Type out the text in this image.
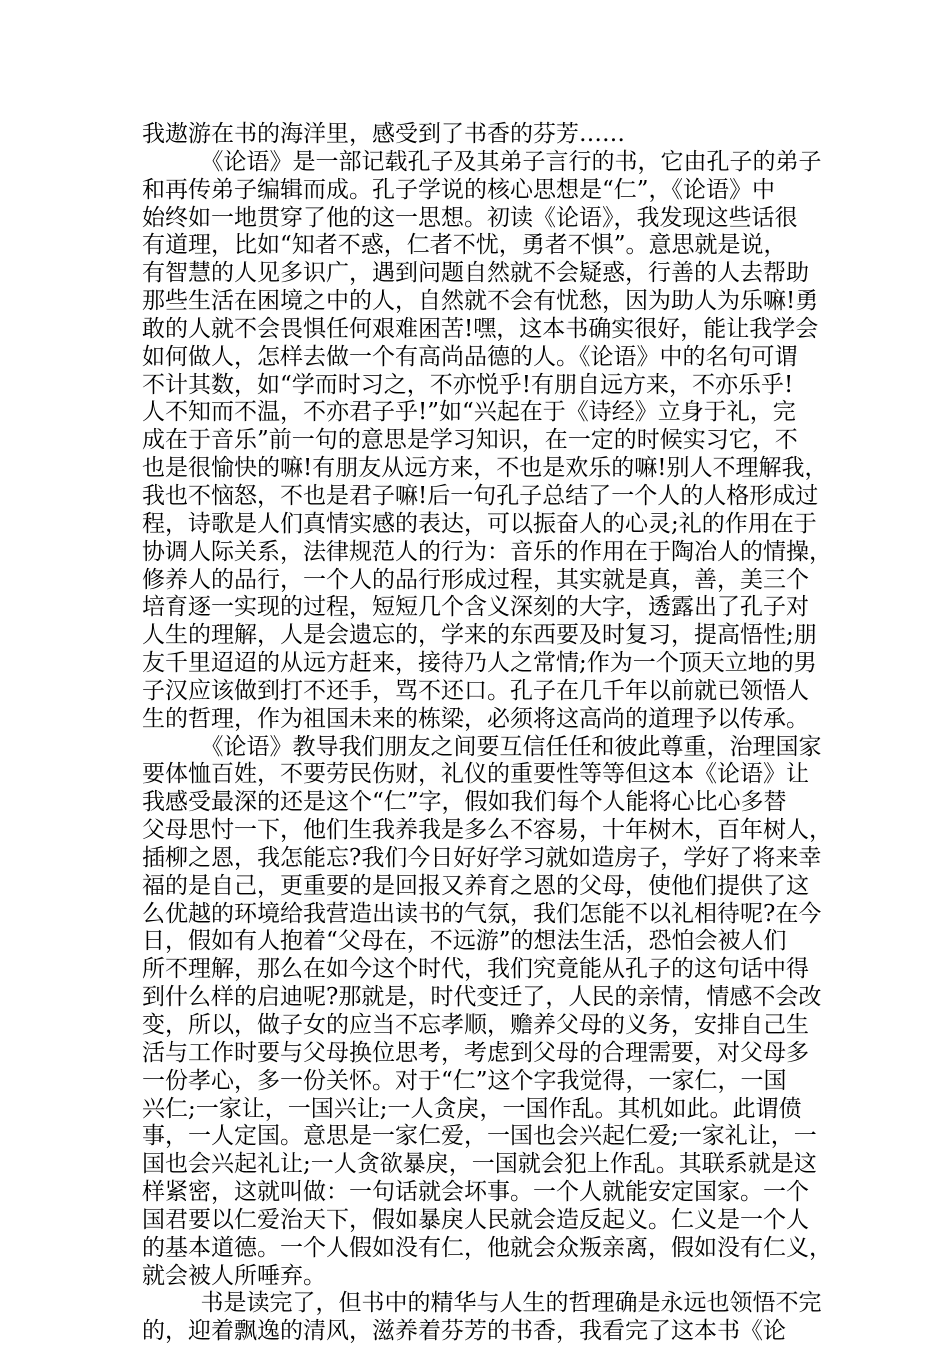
我遨游在书的海洋里，感受到了书香的芬芳……
《论语》是一部记载孔子及其弟子言行的书，它由孔子的弟子
和再传弟子编辑而成。孔子学说的核心思想是“仁”，《论语》中
始终如一地贯穿了他的这一思想。初读《论语》，我发现这些话很
有道理，比如“知者不惑，仁者不忧，勇者不惧”。意思就是说，
有智慧的人见多识广，遇到问题自然就不会疑惑，行善的人去帮助
那些生活在困境之中的人，自然就不会有忧愁，因为助人为乐嘛!勇
敢的人就不会畏惧任何艰难困苦!嘿，这本书确实很好，能让我学会
如何做人，怎样去做一个有高尚品德的人。《论语》中的名句可谓
不计其数，如“学而时习之，不亦悦乎!有朋自远方来，不亦乐乎!
人不知而不温，不亦君子乎!”如“兴起在于《诗经》立身于礼，完
成在于音乐”前一句的意思是学习知识，在一定的时候实习它，不
也是很愉快的嘛!有朋友从远方来，不也是欢乐的嘛!别人不理解我，
我也不恼怒，不也是君子嘛!后一句孔子总结了一个人的人格形成过
程，诗歌是人们真情实感的表达，可以振奋人的心灵;礼的作用在于
协调人际关系，法律规范人的行为：音乐的作用在于陶冶人的情操，
修养人的品行，一个人的品行形成过程，其实就是真，善，美三个
培育逐一实现的过程，短短几个含义深刻的大字，透露出了孔子对
人生的理解，人是会遗忘的，学来的东西要及时复习，提高悟性;朋
友千里迢迢的从远方赶来，接待乃人之常情;作为一个顶天立地的男
子汉应该做到打不还手，骂不还口。孔子在几千年以前就已领悟人
生的哲理，作为祖国未来的栋梁，必须将这高尚的道理予以传承。
《论语》教导我们朋友之间要互信任任和彼此尊重，治理国家
要体恤百姓，不要劳民伤财，礼仪的重要性等等但这本《论语》让
我感受最深的还是这个“仁”字，假如我们每个人能将心比心多替
父母思忖一下，他们生我养我是多么不容易，十年树木，百年树人，
插柳之恩，我怎能忘?我们今日好好学习就如造房子，学好了将来幸
福的是自己，更重要的是回报又养育之恩的父母，使他们提供了这
么优越的环境给我营造出读书的气氛，我们怎能不以礼相待呢?在今
日，假如有人抱着“父母在，不远游”的想法生活，恐怕会被人们
所不理解，那么在如今这个时代，我们究竟能从孔子的这句话中得
到什么样的启迪呢?那就是，时代变迁了，人民的亲情，情感不会改
变，所以，做子女的应当不忘孝顺，赡养父母的义务，安排自己生
活与工作时要与父母换位思考，考虑到父母的合理需要，对父母多
一份孝心，多一份关怀。对于“仁”这个字我觉得，一家仁，一国
兴仁;一家让，一国兴让;一人贪戾，一国作乱。其机如此。此谓偾
事，一人定国。意思是一家仁爱，一国也会兴起仁爱;一家礼让，一
国也会兴起礼让;一人贪欲暴戾，一国就会犯上作乱。其联系就是这
样紧密，这就叫做：一句话就会坏事。一个人就能安定国家。一个
国君要以仁爱治天下，假如暴戾人民就会造反起义。仁义是一个人
的基本道德。一个人假如没有仁，他就会众叛亲离，假如没有仁义，
就会被人所唾弃。
书是读完了，但书中的精华与人生的哲理确是永远也领悟不完
的，迎着飘逸的清风，滋养着芬芳的书香，我看完了这本书《论
